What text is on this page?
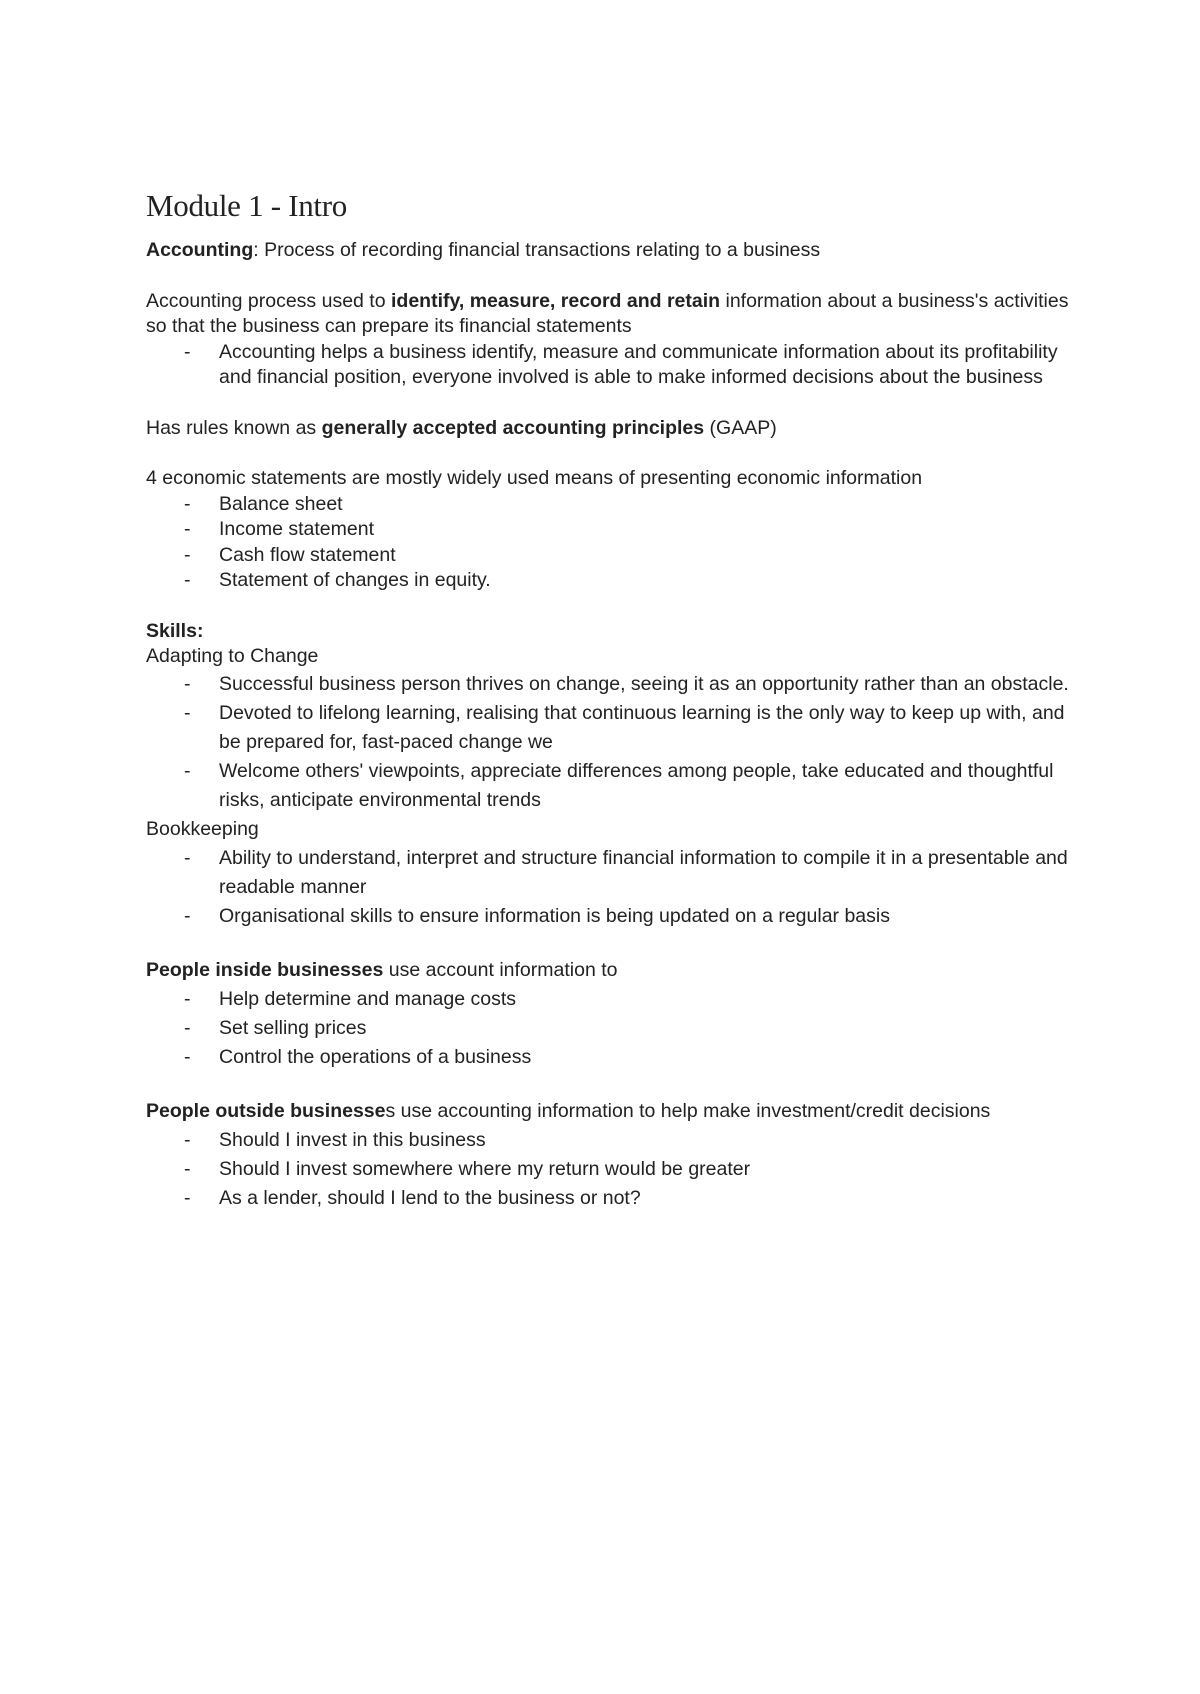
Module 1 - Intro

Accounting: Process of recording financial transactions relating to a business

Accounting process used to identify, measure, record and retain information about a business's activities so that the business can prepare its financial statements

- Accounting helps a business identify, measure and communicate information about its profitability and financial position, everyone involved is able to make informed decisions about the business

Has rules known as generally accepted accounting principles (GAAP)

4 economic statements are mostly widely used means of presenting economic information

- Balance sheet
- Income statement
- Cash flow statement
- Statement of changes in equity.

Skills:

Adapting to Change

- Successful business person thrives on change, seeing it as an opportunity rather than an obstacle.
- Devoted to lifelong learning, realising that continuous learning is the only way to keep up with, and be prepared for, fast-paced change we
- Welcome others' viewpoints, appreciate differences among people, take educated and thoughtful risks, anticipate environmental trends

Bookkeeping

- Ability to understand, interpret and structure financial information to compile it in a presentable and readable manner
- Organisational skills to ensure information is being updated on a regular basis

People inside businesses use account information to

- Help determine and manage costs
- Set selling prices
- Control the operations of a business

People outside businesses use accounting information to help make investment/credit decisions

- Should I invest in this business
- Should I invest somewhere where my return would be greater
- As a lender, should I lend to the business or not?
